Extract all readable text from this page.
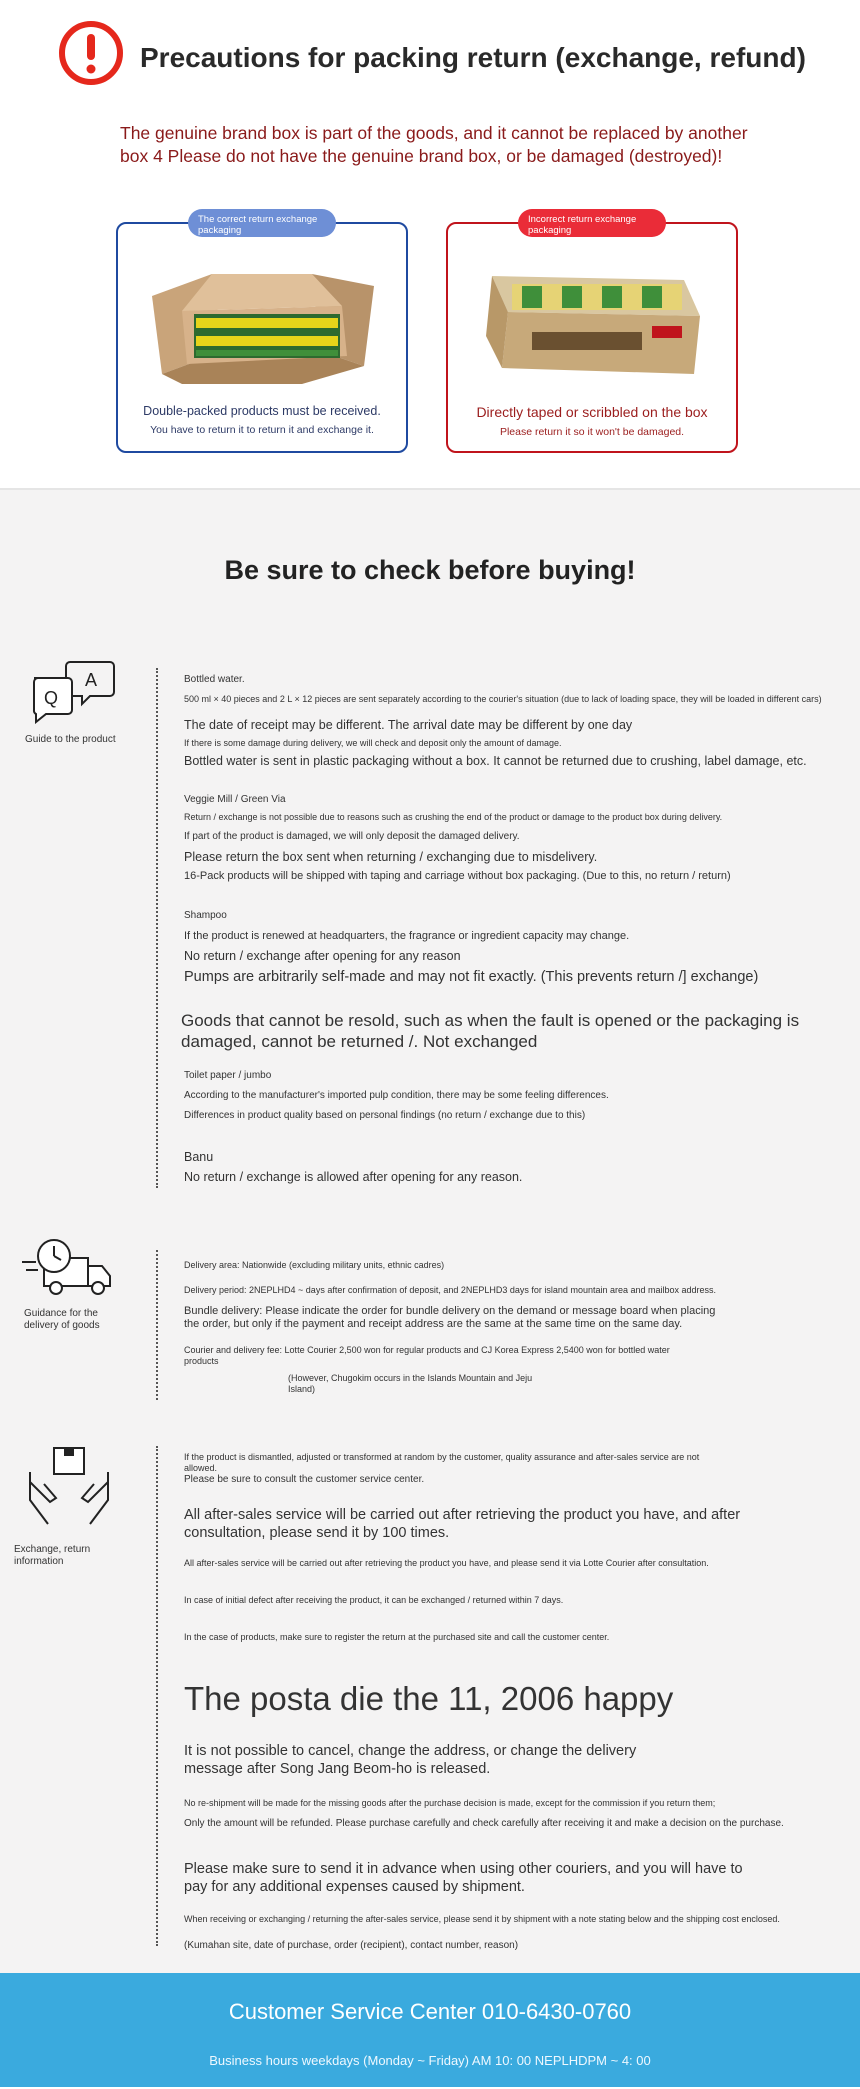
Precautions for packing return (exchange, refund)

The genuine brand box is part of the goods, and it cannot be replaced by another box 4 Please do not have the genuine brand box, or be damaged (destroyed)!

The correct return exchange packaging
Double-packed products must be received.
You have to return it to return it and exchange it.
Incorrect return exchange packaging
Directly taped or scribbled on the box
Please return it so it won't be damaged.
Be sure to check before buying!
A
Q
Guide to the product
Bottled water.
500 ml × 40 pieces and 2 L × 12 pieces are sent separately according to the courier's situation (due to lack of loading space, they will be loaded in different cars)
The date of receipt may be different. The arrival date may be different by one day
If there is some damage during delivery, we will check and deposit only the amount of damage.
Bottled water is sent in plastic packaging without a box. It cannot be returned due to crushing, label damage, etc.
Veggie Mill / Green Via
Return / exchange is not possible due to reasons such as crushing the end of the product or damage to the product box during delivery.
If part of the product is damaged, we will only deposit the damaged delivery.
Please return the box sent when returning / exchanging due to misdelivery.
16-Pack products will be shipped with taping and carriage without box packaging. (Due to this, no return / return)
Shampoo
If the product is renewed at headquarters, the fragrance or ingredient capacity may change.
No return / exchange after opening for any reason
Pumps are arbitrarily self-made and may not fit exactly. (This prevents return /] exchange)
Goods that cannot be resold, such as when the fault is opened or the packaging is damaged, cannot be returned /. Not exchanged
Toilet paper / jumbo
According to the manufacturer's imported pulp condition, there may be some feeling differences.
Differences in product quality based on personal findings (no return / exchange due to this)
Banu
No return / exchange is allowed after opening for any reason.
Guidance for the delivery of goods
Delivery area: Nationwide (excluding military units, ethnic cadres)
Delivery period: 2NEPLHD4 ~ days after confirmation of deposit, and 2NEPLHD3 days for island mountain area and mailbox address.
Bundle delivery: Please indicate the order for bundle delivery on the demand or message board when placing the order, but only if the payment and receipt address are the same at the same time on the same day.
Courier and delivery fee: Lotte Courier 2,500 won for regular products and CJ Korea Express 2,5400 won for bottled water products
(However, Chugokim occurs in the Islands Mountain and Jeju Island)
Exchange, return information
If the product is dismantled, adjusted or transformed at random by the customer, quality assurance and after-sales service are not allowed.
Please be sure to consult the customer service center.
All after-sales service will be carried out after retrieving the product you have, and after consultation, please send it by 100 times.
All after-sales service will be carried out after retrieving the product you have, and please send it via Lotte Courier after consultation.
In case of initial defect after receiving the product, it can be exchanged / returned within 7 days.
In the case of products, make sure to register the return at the purchased site and call the customer center.
The posta die the 11, 2006 happy
It is not possible to cancel, change the address, or change the delivery message after Song Jang Beom-ho is released.
No re-shipment will be made for the missing goods after the purchase decision is made, except for the commission if you return them;
Only the amount will be refunded. Please purchase carefully and check carefully after receiving it and make a decision on the purchase.
Please make sure to send it in advance when using other couriers, and you will have to pay for any additional expenses caused by shipment.
When receiving or exchanging / returning the after-sales service, please send it by shipment with a note stating below and the shipping cost enclosed.
(Kumahan site, date of purchase, order (recipient), contact number, reason)
Customer Service Center 010-6430-0760
Business hours weekdays (Monday ~ Friday) AM 10: 00 NEPLHDPM ~ 4: 00
